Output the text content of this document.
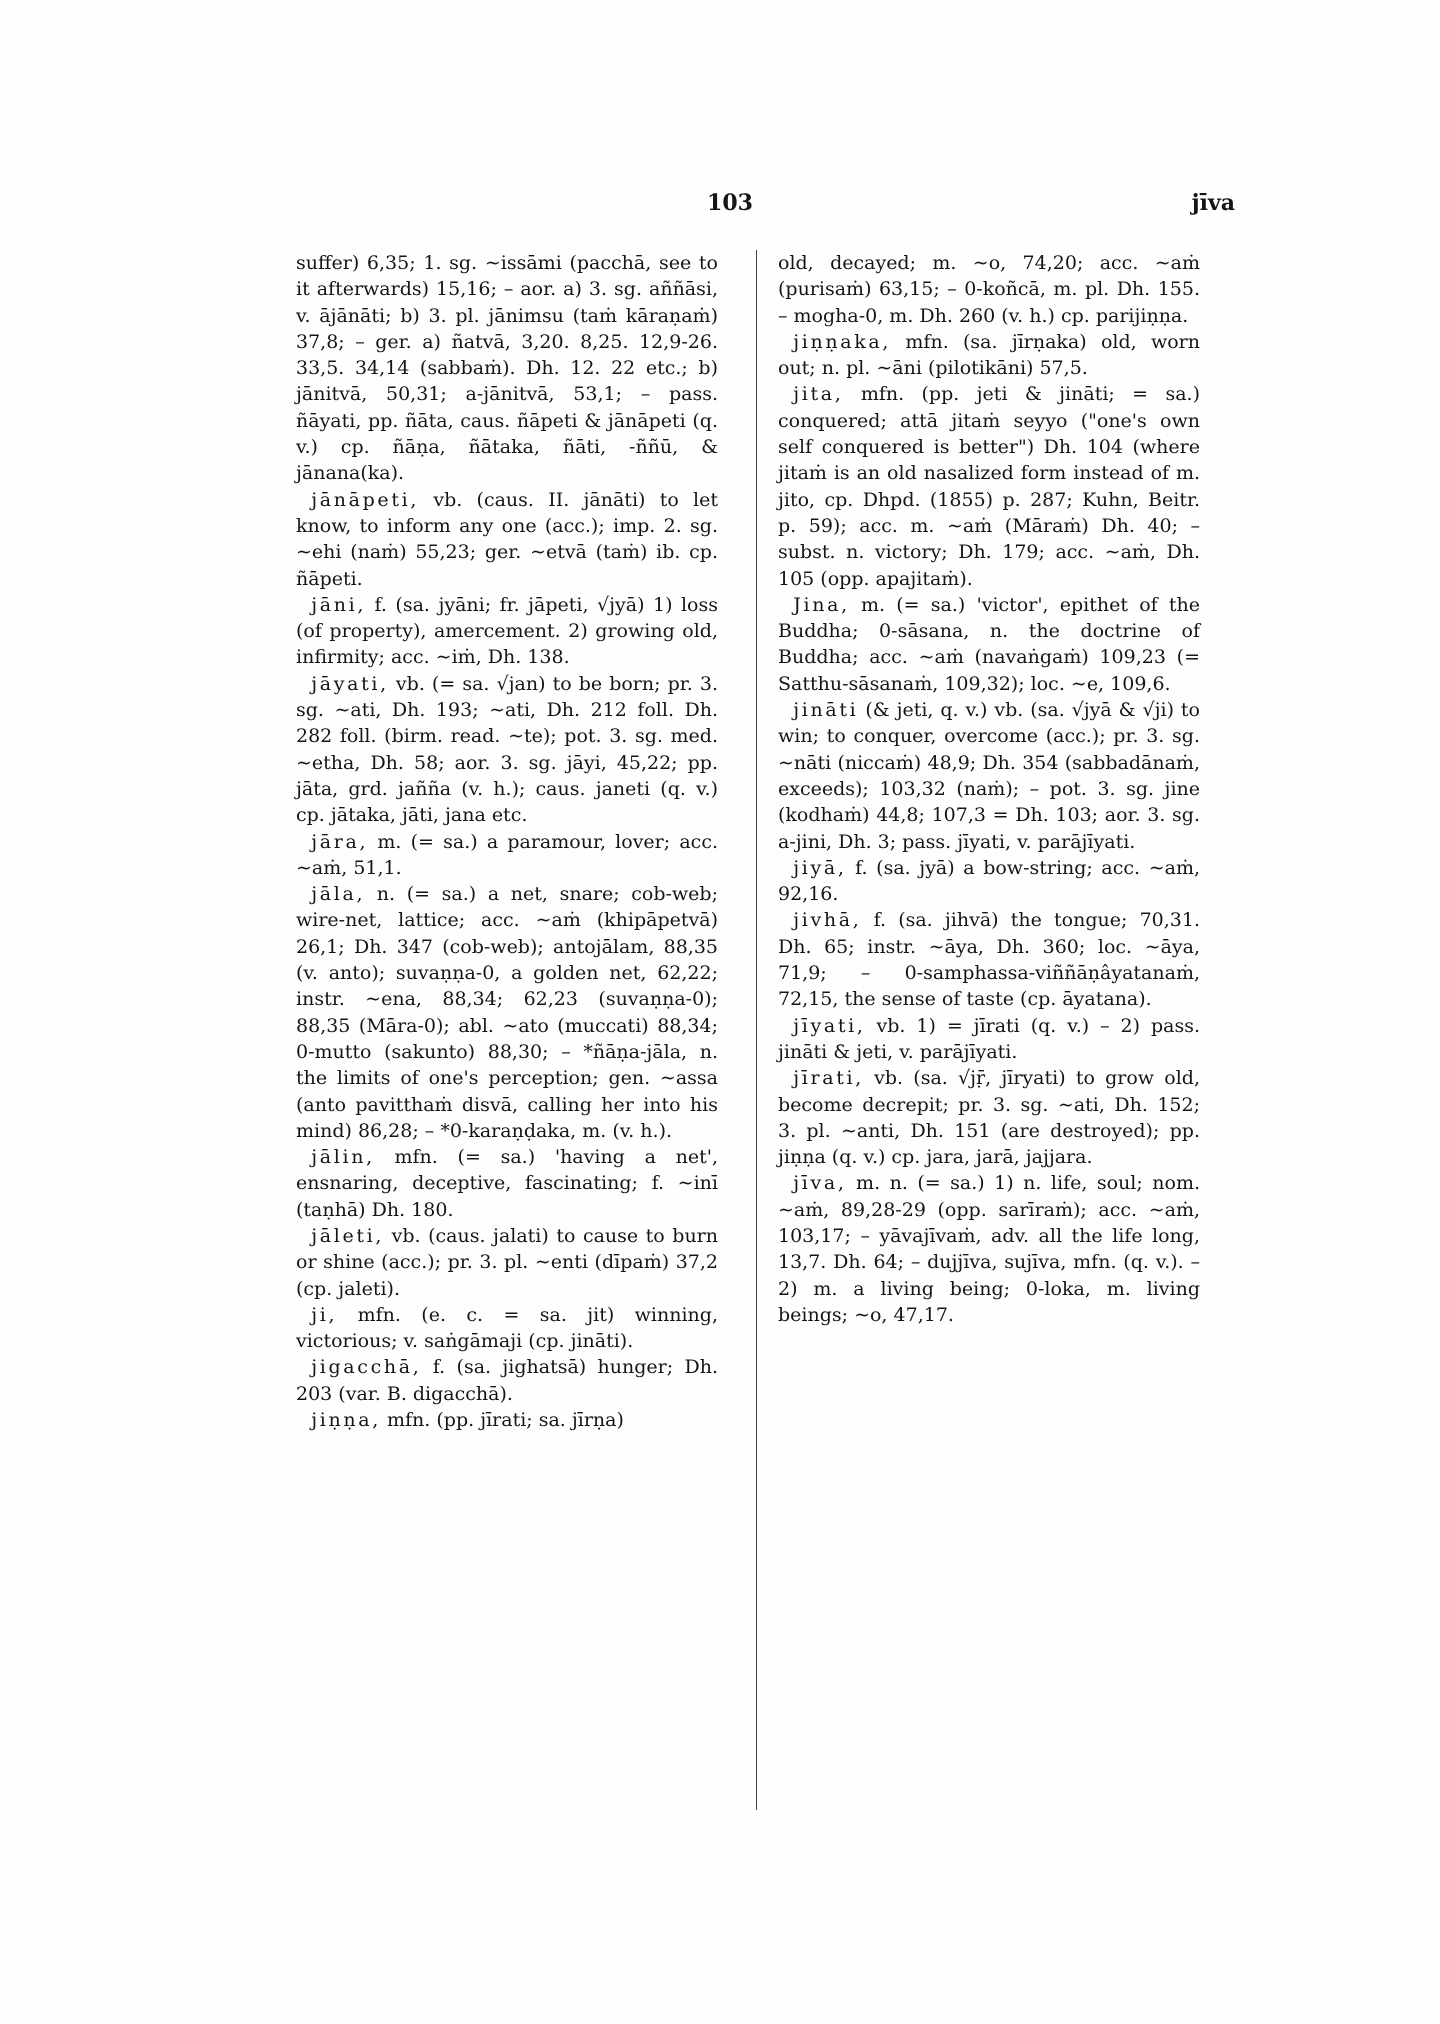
103	jīva

suffer) 6,35; 1. sg. ∼issāmi (pacchā, see to it afterwards) 15,16; – aor. a) 3. sg. aññāsi, v. ājānāti; b) 3. pl. jānimsu (taṁ kāraṇaṁ) 37,8; – ger. a) ñatvā, 3,20. 8,25. 12,9-26. 33,5. 34,14 (sabbaṁ). Dh. 12. 22 etc.; b) jānitvā, 50,31; a-jānitvā, 53,1; – pass. ñāyati, pp. ñāta, caus. ñāpeti & jānāpeti (q. v.) cp. ñāṇa, ñātaka, ñāti, -ññū, & jānana(ka).

jānāpeti, vb. (caus. II. jānāti) to let know, to inform any one (acc.); imp. 2. sg. ∼ehi (naṁ) 55,23; ger. ∼etvā (taṁ) ib. cp. ñāpeti.

jāni, f. (sa. jyāni; fr. jāpeti, √jyā) 1) loss (of property), amercement. 2) growing old, infirmity; acc. ∼iṁ, Dh. 138.

jāyati, vb. (= sa. √jan) to be born; pr. 3. sg. ∼ati, Dh. 193; ∼ati, Dh. 212 foll. Dh. 282 foll. (birm. read. ∼te); pot. 3. sg. med. ∼etha, Dh. 58; aor. 3. sg. jāyi, 45,22; pp. jāta, grd. jañña (v. h.); caus. janeti (q. v.) cp. jātaka, jāti, jana etc.

jāra, m. (= sa.) a paramour, lover; acc. ∼aṁ, 51,1.

jāla, n. (= sa.) a net, snare; cob-web; wire-net, lattice; acc. ∼aṁ (khipāpetvā) 26,1; Dh. 347 (cob-web); antojālam, 88,35 (v. anto); suvaṇṇa-0, a golden net, 62,22; instr. ∼ena, 88,34; 62,23 (suvaṇṇa-0); 88,35 (Māra-0); abl. ∼ato (muccati) 88,34; 0-mutto (sakunto) 88,30; – *ñāṇa-jāla, n. the limits of one's perception; gen. ∼assa (anto pavitthaṁ disvā, calling her into his mind) 86,28; – *0-karaṇḍaka, m. (v. h.).

jālin, mfn. (= sa.) 'having a net', ensnaring, deceptive, fascinating; f. ∼inī (taṇhā) Dh. 180.

jāleti, vb. (caus. jalati) to cause to burn or shine (acc.); pr. 3. pl. ∼enti (dīpaṁ) 37,2 (cp. jaleti).

ji, mfn. (e. c. = sa. jit) winning, victorious; v. saṅgāmaji (cp. jināti).

jigacchā, f. (sa. jighatsā) hunger; Dh. 203 (var. B. digacchā).

jiṇṇa, mfn. (pp. jīrati; sa. jīrṇa)

old, decayed; m. ∼o, 74,20; acc. ∼aṁ (purisaṁ) 63,15; – 0-koñcā, m. pl. Dh. 155. – mogha-0, m. Dh. 260 (v. h.) cp. parijiṇṇa.

jiṇṇaka, mfn. (sa. jīrṇaka) old, worn out; n. pl. ∼āni (pilotikāni) 57,5.

jita, mfn. (pp. jeti & jināti; = sa.) conquered; attā jitaṁ seyyo ("one's own self conquered is better") Dh. 104 (where jitaṁ is an old nasalized form instead of m. jito, cp. Dhpd. (1855) p. 287; Kuhn, Beitr. p. 59); acc. m. ∼aṁ (Māraṁ) Dh. 40; – subst. n. victory; Dh. 179; acc. ∼aṁ, Dh. 105 (opp. apajitaṁ).

Jina, m. (= sa.) 'victor', epithet of the Buddha; 0-sāsana, n. the doctrine of Buddha; acc. ∼aṁ (navaṅgaṁ) 109,23 (= Satthu-sāsanaṁ, 109,32); loc. ∼e, 109,6.

jināti (& jeti, q. v.) vb. (sa. √jyā & √ji) to win; to conquer, overcome (acc.); pr. 3. sg. ∼nāti (niccaṁ) 48,9; Dh. 354 (sabbadānaṁ, exceeds); 103,32 (naṁ); – pot. 3. sg. jine (kodhaṁ) 44,8; 107,3 = Dh. 103; aor. 3. sg. a-jini, Dh. 3; pass. jīyati, v. parājīyati.

jiyā, f. (sa. jyā) a bow-string; acc. ∼aṁ, 92,16.

jivhā, f. (sa. jihvā) the tongue; 70,31. Dh. 65; instr. ∼āya, Dh. 360; loc. ∼āya, 71,9; – 0-samphassa-viññāṇâyatanaṁ, 72,15, the sense of taste (cp. āyatana).

jīyati, vb. 1) = jīrati (q. v.) – 2) pass. jināti & jeti, v. parājīyati.

jīrati, vb. (sa. √jṝ, jīryati) to grow old, become decrepit; pr. 3. sg. ∼ati, Dh. 152; 3. pl. ∼anti, Dh. 151 (are destroyed); pp. jiṇṇa (q. v.) cp. jara, jarā, jajjara.

jīva, m. n. (= sa.) 1) n. life, soul; nom. ∼aṁ, 89,28-29 (opp. sarīraṁ); acc. ∼aṁ, 103,17; – yāvajīvaṁ, adv. all the life long, 13,7. Dh. 64; – dujjīva, sujīva, mfn. (q. v.). – 2) m. a living being; 0-loka, m. living beings; ∼o, 47,17.
